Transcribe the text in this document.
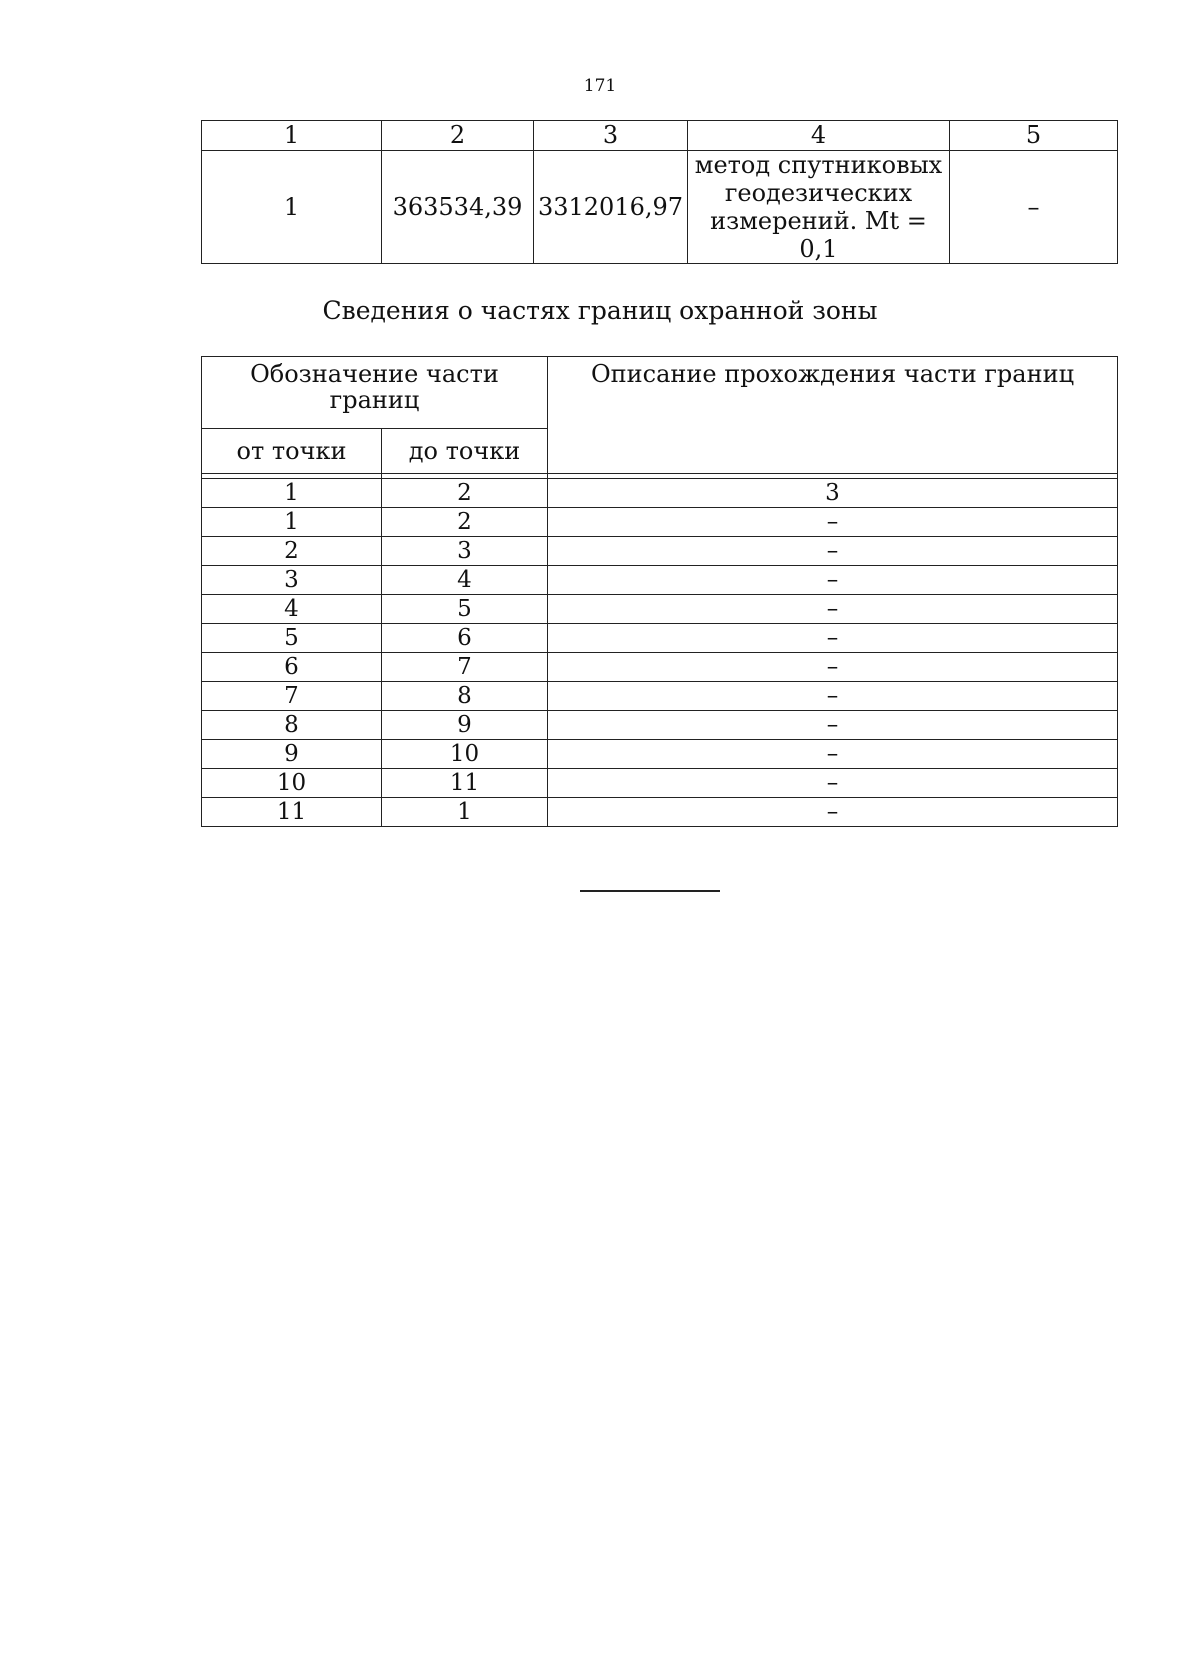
171
1	2	3	4	5
1	363534,39	3312016,97	метод спутниковых
геодезических
измерений. Mt = 0,1	–
Сведения о частях границ охранной зоны
Обозначение части границ		Описание прохождения части границ
от точки	до точки	

1	2	3
1	2	–
2	3	–
3	4	–
4	5	–
5	6	–
6	7	–
7	8	–
8	9	–
9	10	–
10	11	–
11	1	–
